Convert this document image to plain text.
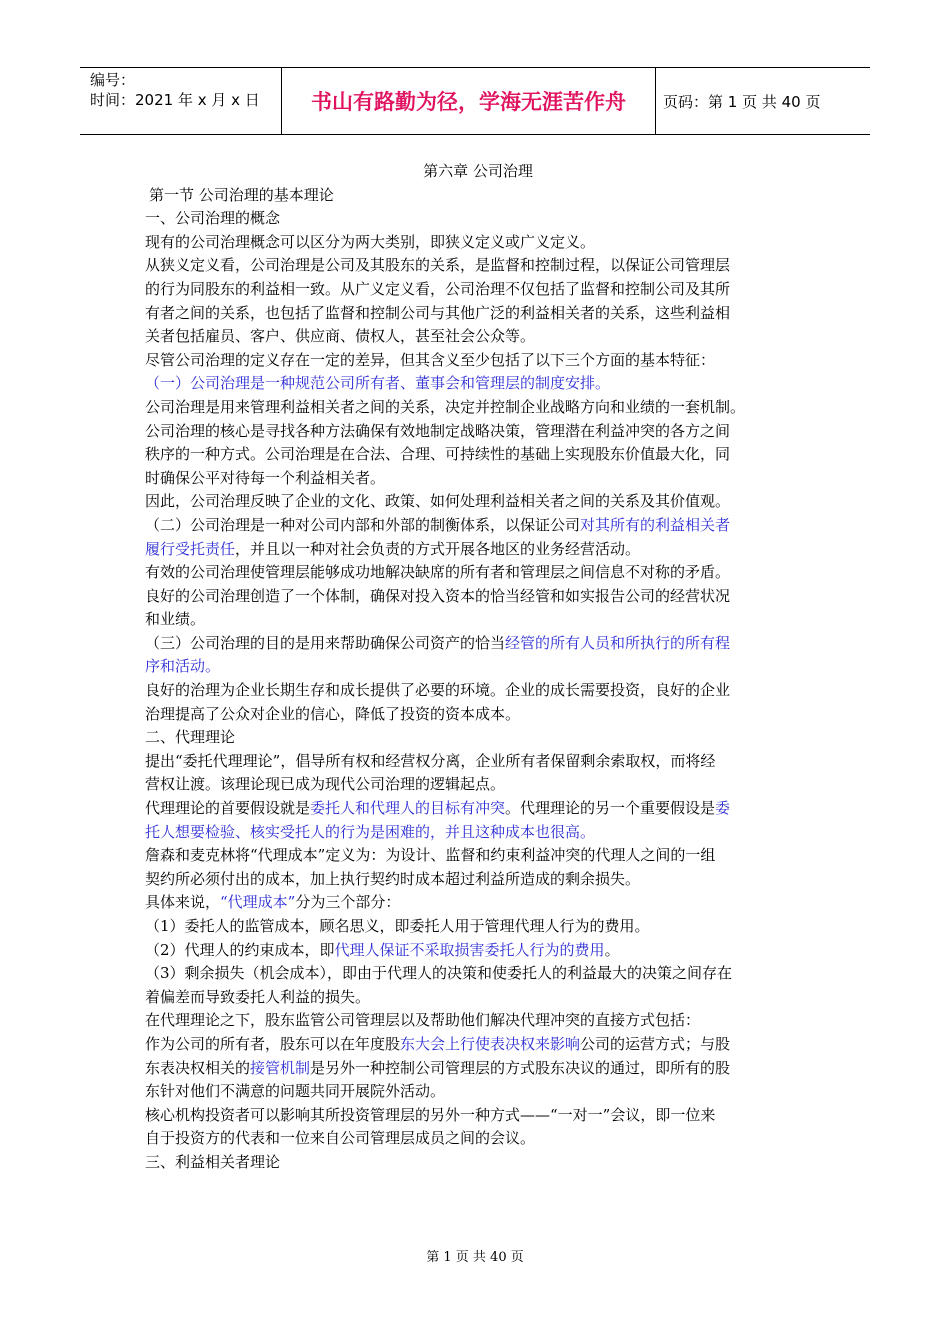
编号：
时间：2021 年 x 月 x 日	书山有路勤为径，学海无涯苦作舟	页码：第 1 页 共 40 页
第六章 公司治理
第一节 公司治理的基本理论
一、公司治理的概念
现有的公司治理概念可以区分为两大类别，即狭义定义或广义定义。
从狭义定义看，公司治理是公司及其股东的关系，是监督和控制过程，以保证公司管理层
的行为同股东的利益相一致。从广义定义看，公司治理不仅包括了监督和控制公司及其所
有者之间的关系，也包括了监督和控制公司与其他广泛的利益相关者的关系，这些利益相
关者包括雇员、客户、供应商、债权人，甚至社会公众等。
尽管公司治理的定义存在一定的差异，但其含义至少包括了以下三个方面的基本特征：
（一）公司治理是一种规范公司所有者、董事会和管理层的制度安排。
公司治理是用来管理利益相关者之间的关系，决定并控制企业战略方向和业绩的一套机制。
公司治理的核心是寻找各种方法确保有效地制定战略决策，管理潜在利益冲突的各方之间
秩序的一种方式。公司治理是在合法、合理、可持续性的基础上实现股东价值最大化，同
时确保公平对待每一个利益相关者。
因此，公司治理反映了企业的文化、政策、如何处理利益相关者之间的关系及其价值观。
（二）公司治理是一种对公司内部和外部的制衡体系，以保证公司对其所有的利益相关者
履行受托责任，并且以一种对社会负责的方式开展各地区的业务经营活动。
有效的公司治理使管理层能够成功地解决缺席的所有者和管理层之间信息不对称的矛盾。
良好的公司治理创造了一个体制，确保对投入资本的恰当经管和如实报告公司的经营状况
和业绩。
（三）公司治理的目的是用来帮助确保公司资产的恰当经管的所有人员和所执行的所有程
序和活动。
良好的治理为企业长期生存和成长提供了必要的环境。企业的成长需要投资，良好的企业
治理提高了公众对企业的信心，降低了投资的资本成本。
二、代理理论
提出“委托代理理论”，倡导所有权和经营权分离，企业所有者保留剩余索取权，而将经
营权让渡。该理论现已成为现代公司治理的逻辑起点。
代理理论的首要假设就是委托人和代理人的目标有冲突。代理理论的另一个重要假设是委
托人想要检验、核实受托人的行为是困难的，并且这种成本也很高。
詹森和麦克林将“代理成本”定义为：为设计、监督和约束利益冲突的代理人之间的一组
契约所必须付出的成本，加上执行契约时成本超过利益所造成的剩余损失。
具体来说，“代理成本”分为三个部分：
（1）委托人的监管成本，顾名思义，即委托人用于管理代理人行为的费用。
（2）代理人的约束成本，即代理人保证不采取损害委托人行为的费用。
（3）剩余损失（机会成本），即由于代理人的决策和使委托人的利益最大的决策之间存在
着偏差而导致委托人利益的损失。
在代理理论之下，股东监管公司管理层以及帮助他们解决代理冲突的直接方式包括：
作为公司的所有者，股东可以在年度股东大会上行使表决权来影响公司的运营方式；与股
东表决权相关的接管机制是另外一种控制公司管理层的方式股东决议的通过，即所有的股
东针对他们不满意的问题共同开展院外活动。
核心机构投资者可以影响其所投资管理层的另外一种方式——“一对一”会议，即一位来
自于投资方的代表和一位来自公司管理层成员之间的会议。
三、利益相关者理论
第 1 页 共 40 页
